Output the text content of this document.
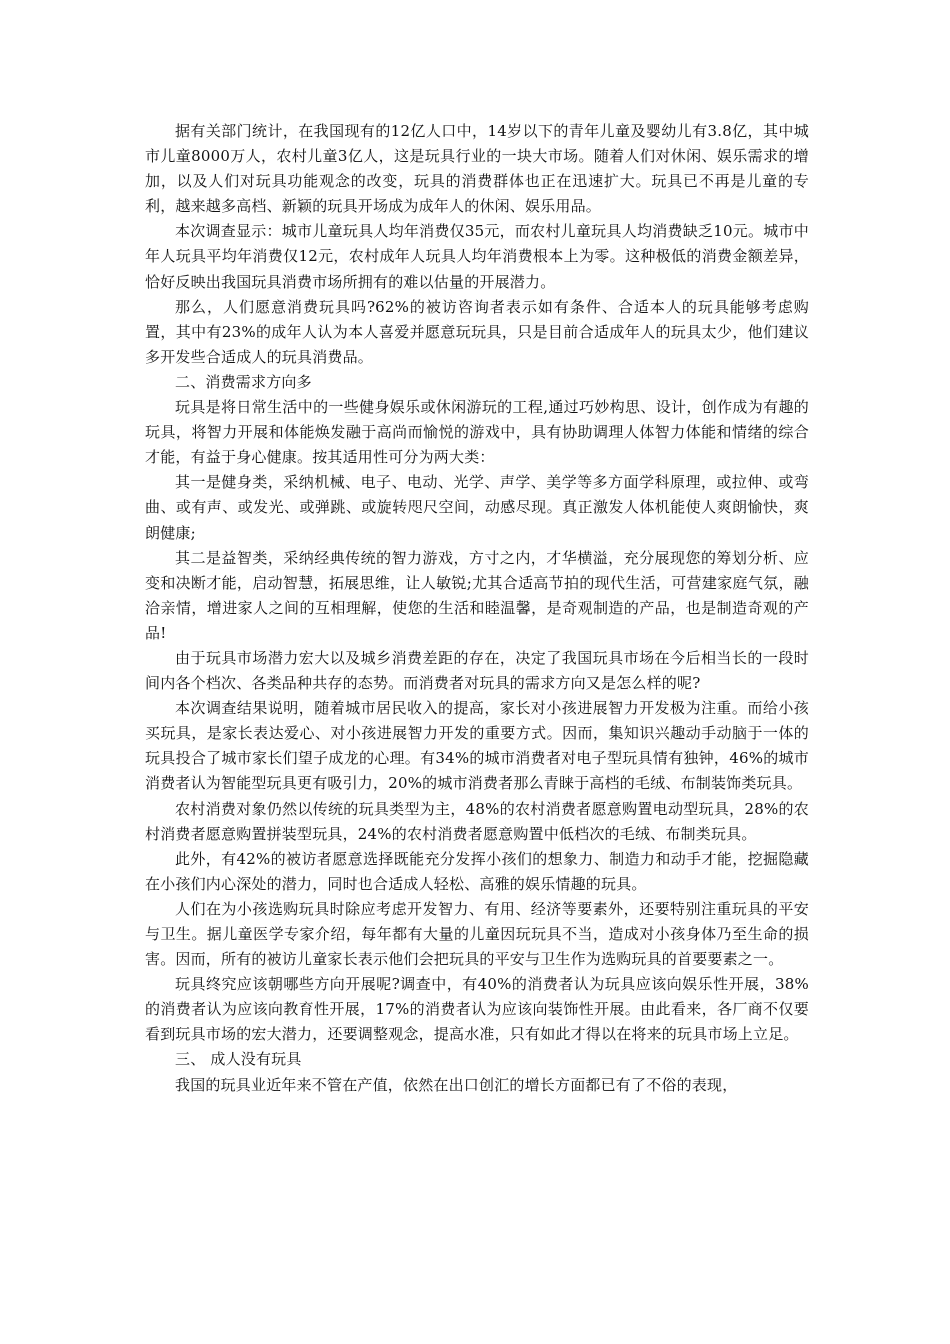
据有关部门统计，在我国现有的12亿人口中，14岁以下的青年儿童及婴幼儿有3.8亿，其中城市儿童8000万人，农村儿童3亿人，这是玩具行业的一块大市场。随着人们对休闲、娱乐需求的增加，以及人们对玩具功能观念的改变，玩具的消费群体也正在迅速扩大。玩具已不再是儿童的专利，越来越多高档、新颖的玩具开场成为成年人的休闲、娱乐用品。

本次调查显示：城市儿童玩具人均年消费仅35元，而农村儿童玩具人均消费缺乏10元。城市中年人玩具平均年消费仅12元，农村成年人玩具人均年消费根本上为零。这种极低的消费金额差异，恰好反映出我国玩具消费市场所拥有的难以估量的开展潜力。

那么，人们愿意消费玩具吗?62%的被访咨询者表示如有条件、合适本人的玩具能够考虑购置，其中有23%的成年人认为本人喜爱并愿意玩玩具，只是目前合适成年人的玩具太少，他们建议多开发些合适成人的玩具消费品。

二、消费需求方向多

玩具是将日常生活中的一些健身娱乐或休闲游玩的工程,通过巧妙构思、设计，创作成为有趣的玩具，将智力开展和体能焕发融于高尚而愉悦的游戏中，具有协助调理人体智力体能和情绪的综合才能，有益于身心健康。按其适用性可分为两大类：

其一是健身类，采纳机械、电子、电动、光学、声学、美学等多方面学科原理，或拉伸、或弯曲、或有声、或发光、或弹跳、或旋转咫尺空间，动感尽现。真正激发人体机能使人爽朗愉快，爽朗健康;

其二是益智类，采纳经典传统的智力游戏，方寸之内，才华横溢，充分展现您的筹划分析、应变和决断才能，启动智慧，拓展思维，让人敏锐;尤其合适高节拍的现代生活，可营建家庭气氛，融洽亲情，增进家人之间的互相理解，使您的生活和睦温馨，是奇观制造的产品，也是制造奇观的产品!

由于玩具市场潜力宏大以及城乡消费差距的存在，决定了我国玩具市场在今后相当长的一段时间内各个档次、各类品种共存的态势。而消费者对玩具的需求方向又是怎么样的呢?

本次调查结果说明，随着城市居民收入的提高，家长对小孩进展智力开发极为注重。而给小孩买玩具，是家长表达爱心、对小孩进展智力开发的重要方式。因而，集知识兴趣动手动脑于一体的玩具投合了城市家长们望子成龙的心理。有34%的城市消费者对电子型玩具情有独钟，46%的城市消费者认为智能型玩具更有吸引力，20%的城市消费者那么青睐于高档的毛绒、布制装饰类玩具。

农村消费对象仍然以传统的玩具类型为主，48%的农村消费者愿意购置电动型玩具，28%的农村消费者愿意购置拼装型玩具，24%的农村消费者愿意购置中低档次的毛绒、布制类玩具。

此外，有42%的被访者愿意选择既能充分发挥小孩们的想象力、制造力和动手才能，挖掘隐藏在小孩们内心深处的潜力，同时也合适成人轻松、高雅的娱乐情趣的玩具。

人们在为小孩选购玩具时除应考虑开发智力、有用、经济等要素外，还要特别注重玩具的平安与卫生。据儿童医学专家介绍，每年都有大量的儿童因玩玩具不当，造成对小孩身体乃至生命的损害。因而，所有的被访儿童家长表示他们会把玩具的平安与卫生作为选购玩具的首要要素之一。

玩具终究应该朝哪些方向开展呢?调查中，有40%的消费者认为玩具应该向娱乐性开展，38%的消费者认为应该向教育性开展，17%的消费者认为应该向装饰性开展。由此看来，各厂商不仅要看到玩具市场的宏大潜力，还要调整观念，提高水准，只有如此才得以在将来的玩具市场上立足。

三、 成人没有玩具

我国的玩具业近年来不管在产值，依然在出口创汇的增长方面都已有了不俗的表现，
